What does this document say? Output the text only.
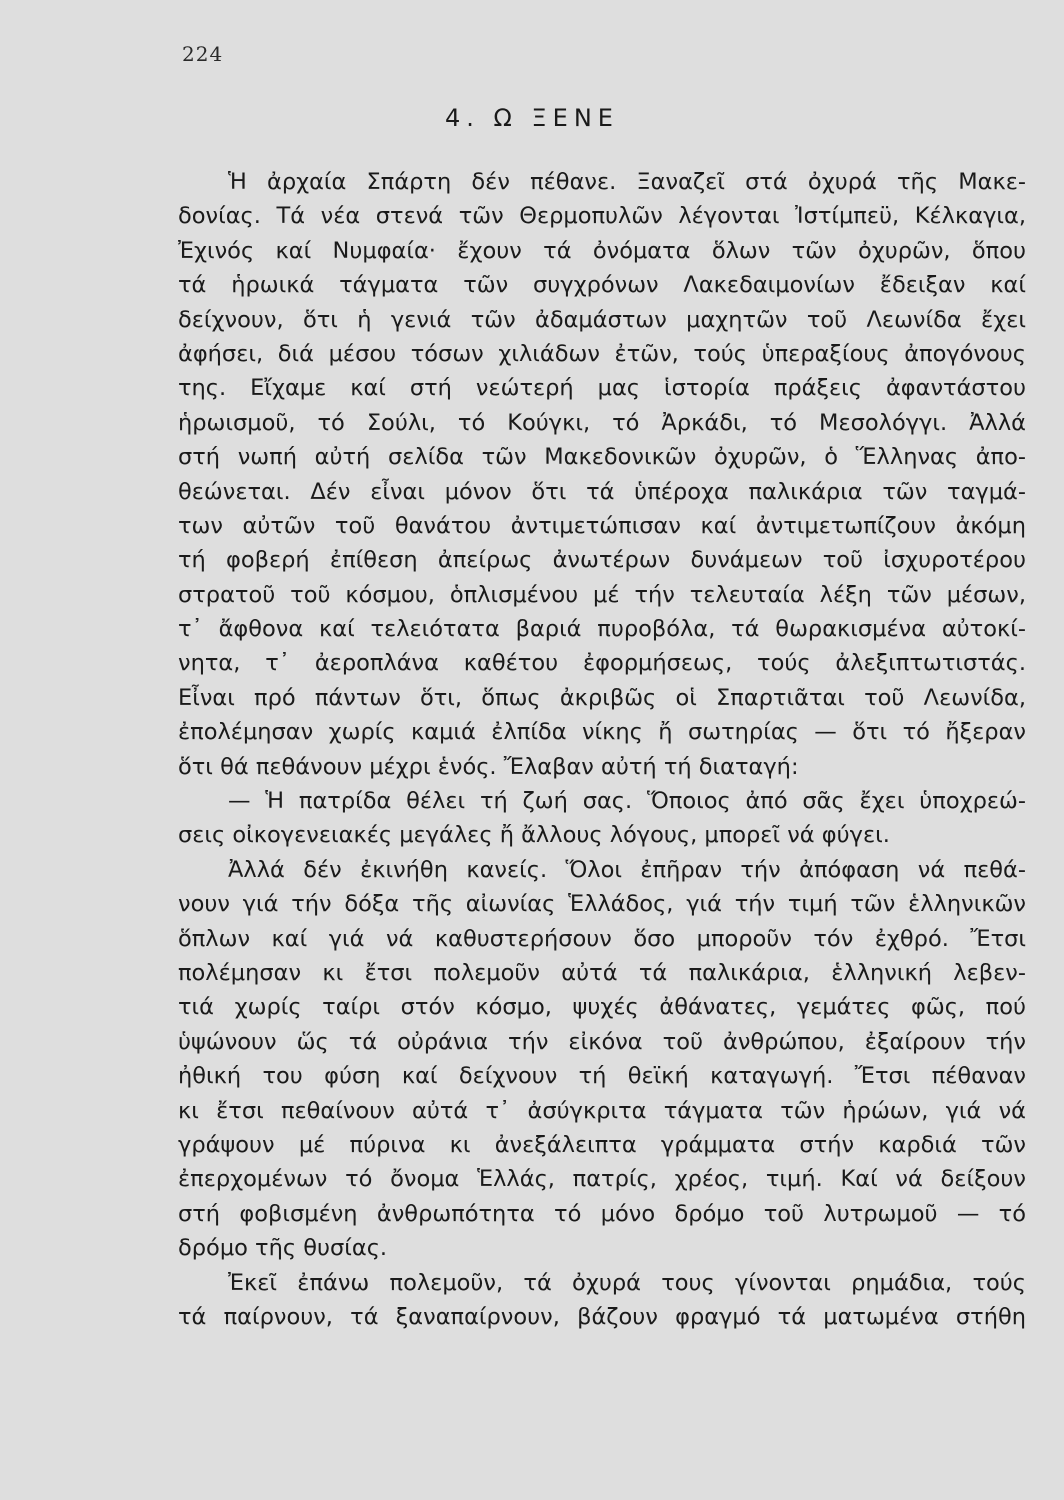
224
4. Ω ΞΕΝΕ
Ἡ ἀρχαία Σπάρτη δέν πέθανε. Ξαναζεῖ στά ὀχυρά τῆς Μακε-
δονίας. Τά νέα στενά τῶν Θερμοπυλῶν λέγονται Ἰστίμπεϋ, Κέλκαγια,
Ἐχινός καί Νυμφαία· ἔχουν τά ὀνόματα ὅλων τῶν ὀχυρῶν, ὅπου
τά ἡρωικά τάγματα τῶν συγχρόνων Λακεδαιμονίων ἔδειξαν καί
δείχνουν, ὅτι ἡ γενιά τῶν ἀδαμάστων μαχητῶν τοῦ Λεωνίδα ἔχει
ἀφήσει, διά μέσου τόσων χιλιάδων ἐτῶν, τούς ὑπεραξίους ἀπογόνους
της. Εἴχαμε καί στή νεώτερή μας ἱστορία πράξεις ἀφαντάστου
ἡρωισμοῦ, τό Σούλι, τό Κούγκι, τό Ἀρκάδι, τό Μεσολόγγι. Ἀλλά
στή νωπή αὐτή σελίδα τῶν Μακεδονικῶν ὀχυρῶν, ὁ Ἕλληνας ἀπο-
θεώνεται. Δέν εἶναι μόνον ὅτι τά ὑπέροχα παλικάρια τῶν ταγμά-
των αὐτῶν τοῦ θανάτου ἀντιμετώπισαν καί ἀντιμετωπίζουν ἀκόμη
τή φοβερή ἐπίθεση ἀπείρως ἀνωτέρων δυνάμεων τοῦ ἰσχυροτέρου
στρατοῦ τοῦ κόσμου, ὁπλισμένου μέ τήν τελευταία λέξη τῶν μέσων,
τ᾿ ἄφθονα καί τελειότατα βαριά πυροβόλα, τά θωρακισμένα αὐτοκί-
νητα, τ᾿ ἀεροπλάνα καθέτου ἐφορμήσεως, τούς ἀλεξιπτωτιστάς.
Εἶναι πρό πάντων ὅτι, ὅπως ἀκριβῶς οἱ Σπαρτιᾶται τοῦ Λεωνίδα,
ἐπολέμησαν χωρίς καμιά ἐλπίδα νίκης ἤ σωτηρίας — ὅτι τό ἤξεραν
ὅτι θά πεθάνουν μέχρι ἑνός. Ἔλαβαν αὐτή τή διαταγή:
— Ἡ πατρίδα θέλει τή ζωή σας. Ὅποιος ἀπό σᾶς ἔχει ὑποχρεώ-
σεις οἰκογενειακές μεγάλες ἤ ἄλλους λόγους, μπορεῖ νά φύγει.
Ἀλλά δέν ἐκινήθη κανείς. Ὅλοι ἐπῆραν τήν ἀπόφαση νά πεθά-
νουν γιά τήν δόξα τῆς αἰωνίας Ἑλλάδος, γιά τήν τιμή τῶν ἑλληνικῶν
ὅπλων καί γιά νά καθυστερήσουν ὅσο μποροῦν τόν ἐχθρό. Ἔτσι
πολέμησαν κι ἔτσι πολεμοῦν αὐτά τά παλικάρια, ἑλληνική λεβεν-
τιά χωρίς ταίρι στόν κόσμο, ψυχές ἀθάνατες, γεμάτες φῶς, πού
ὑψώνουν ὥς τά οὐράνια τήν εἰκόνα τοῦ ἀνθρώπου, ἐξαίρουν τήν
ἠθική του φύση καί δείχνουν τή θεϊκή καταγωγή. Ἔτσι πέθαναν
κι ἔτσι πεθαίνουν αὐτά τ᾿ ἀσύγκριτα τάγματα τῶν ἡρώων, γιά νά
γράψουν μέ πύρινα κι ἀνεξάλειπτα γράμματα στήν καρδιά τῶν
ἐπερχομένων τό ὄνομα Ἑλλάς, πατρίς, χρέος, τιμή. Καί νά δείξουν
στή φοβισμένη ἀνθρωπότητα τό μόνο δρόμο τοῦ λυτρωμοῦ — τό
δρόμο τῆς θυσίας.
Ἐκεῖ ἐπάνω πολεμοῦν, τά ὀχυρά τους γίνονται ρημάδια, τούς
τά παίρνουν, τά ξαναπαίρνουν, βάζουν φραγμό τά ματωμένα στήθη
